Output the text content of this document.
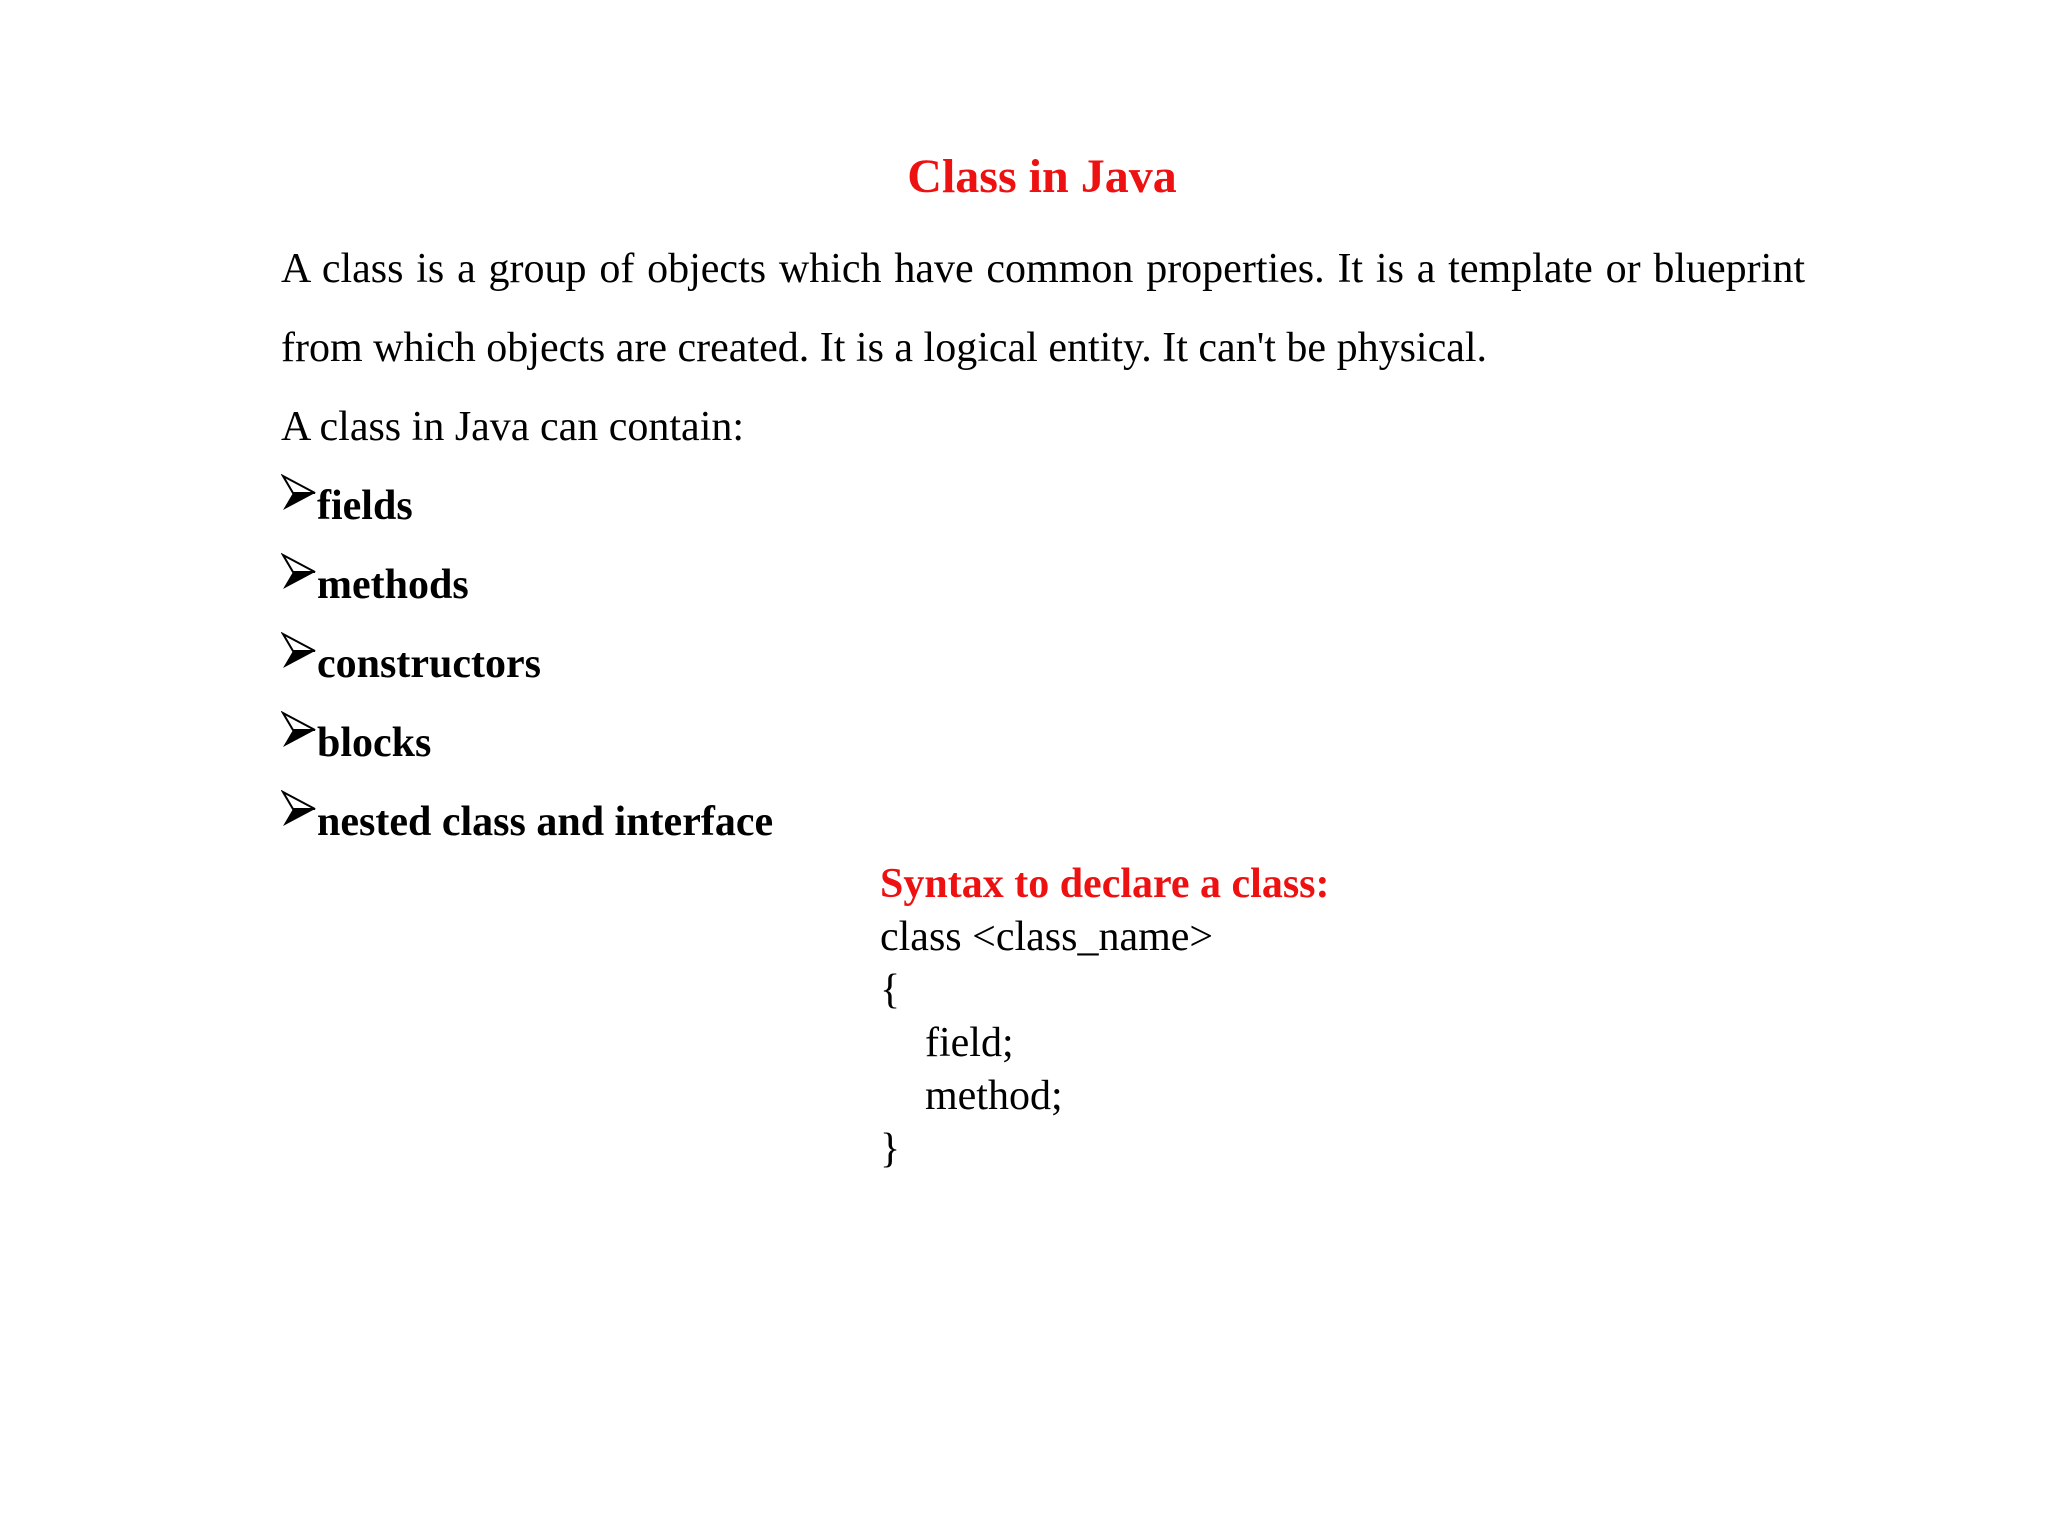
Class in Java

A class is a group of objects which have common properties. It is a template or blueprint from which objects are created. It is a logical entity. It can't be physical.

A class in Java can contain:

fields
methods
constructors
blocks
nested class and interface
Syntax to declare a class:
class <class_name>
{
field;
method;
}
